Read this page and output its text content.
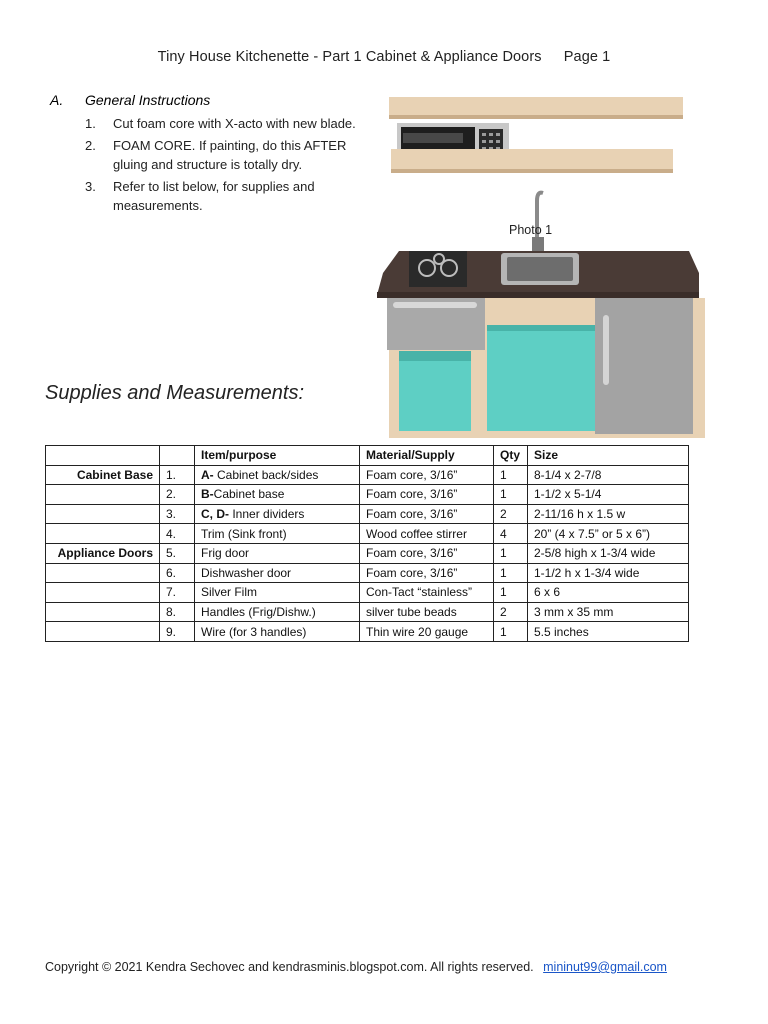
Tiny House Kitchenette - Part 1 Cabinet & Appliance Doors Page 1
A.	General Instructions
1.	Cut foam core with X-acto with new blade.
2.	FOAM CORE. If painting, do this AFTER gluing and structure is totally dry.
3.	Refer to list below, for supplies and measurements.
Photo 1
Supplies and Measurements:
		Item/purpose	Material/Supply	Qty	Size
Cabinet Base	1.	A- Cabinet back/sides	Foam core, 3/16”	1	8-1/4 x 2-7/8
	2.	B-Cabinet base	Foam core, 3/16”	1	1-1/2 x 5-1/4
	3.	C, D- Inner dividers	Foam core, 3/16”	2	2-11/16 h x 1.5 w
	4.	Trim (Sink front)	Wood coffee stirrer	4	20” (4 x 7.5” or 5 x 6”)
Appliance Doors	5.	Frig door	Foam core, 3/16”	1	2-5/8 high x 1-3/4 wide
	6.	Dishwasher door	Foam core, 3/16”	1	1-1/2 h x 1-3/4 wide
	7.	Silver Film	Con-Tact “stainless”	1	6 x 6
	8.	Handles (Frig/Dishw.)	silver tube beads	2	3 mm x 35 mm
	9.	Wire (for 3 handles)	Thin wire 20 gauge	1	5.5 inches
Copyright © 2021 Kendra Sechovec and kendrasminis.blogspot.com. All rights reserved. mininut99@gmail.com
